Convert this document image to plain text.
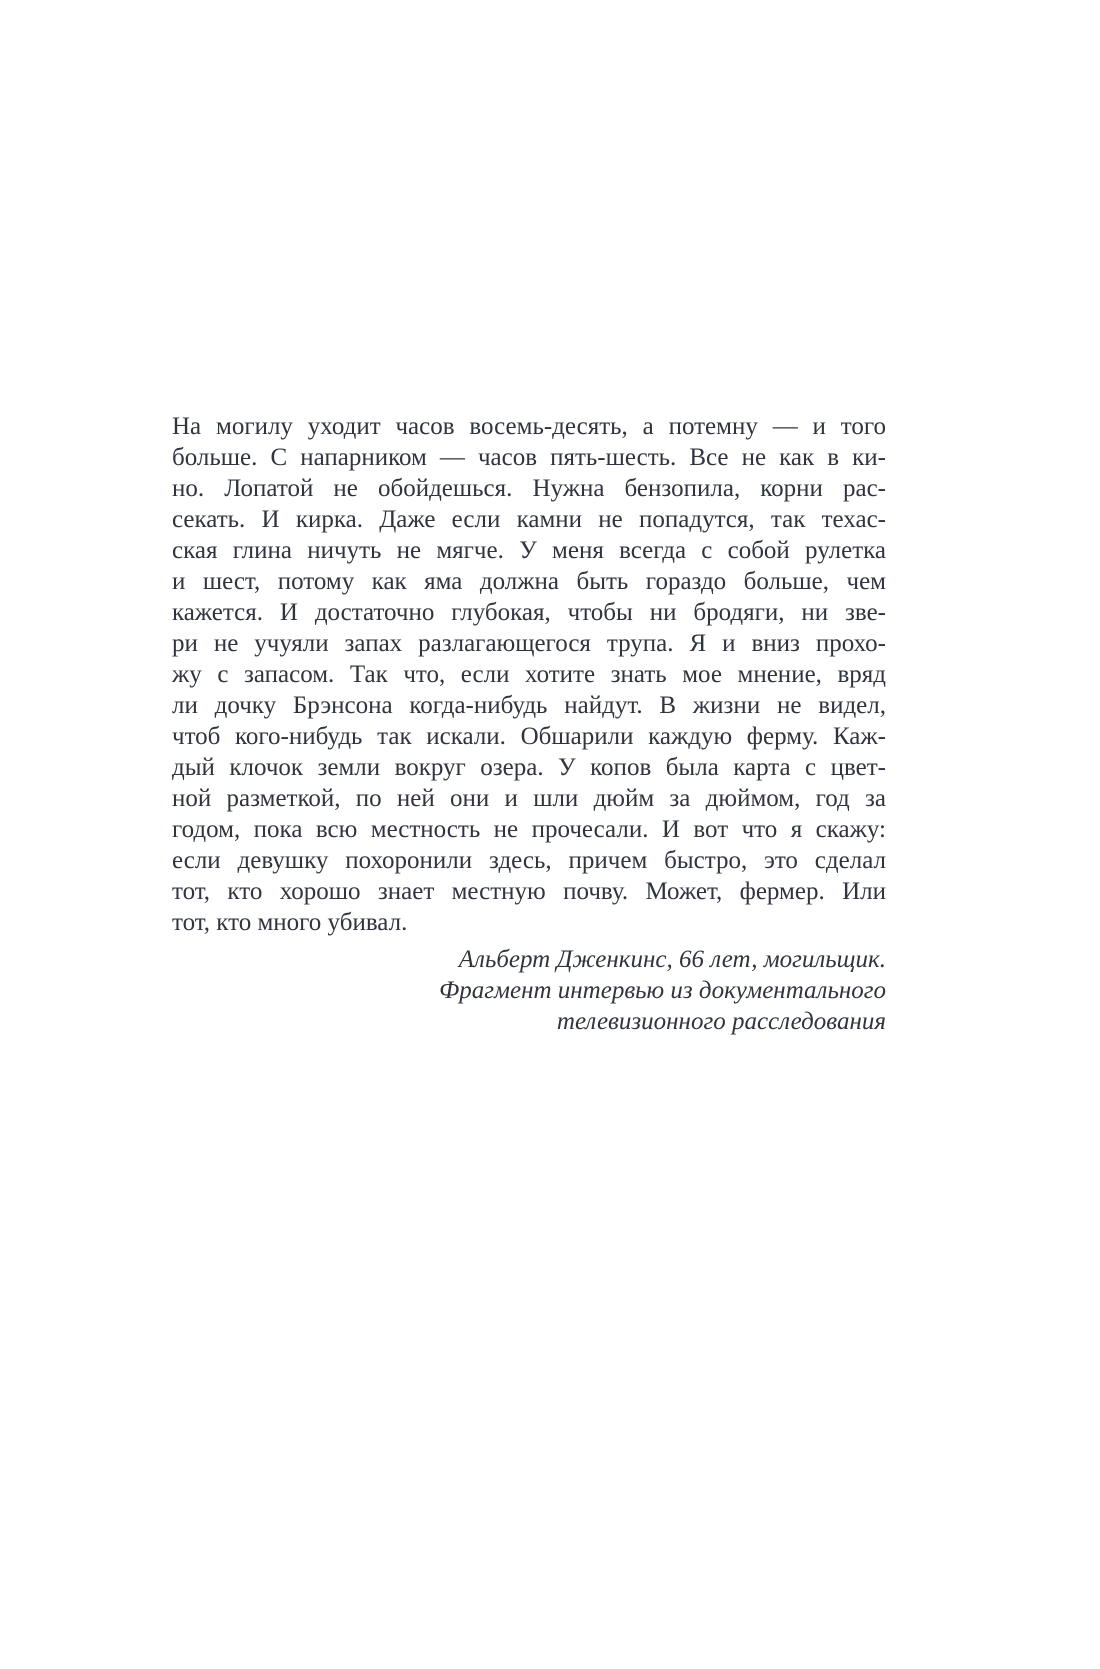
На могилу уходит часов восемь-десять, а потемну — и того
больше. С напарником — часов пять-шесть. Все не как в ки-
но. Лопатой не обойдешься. Нужна бензопила, корни рас-
секать. И кирка. Даже если камни не попадутся, так техас-
ская глина ничуть не мягче. У меня всегда с собой рулетка
и шест, потому как яма должна быть гораздо больше, чем
кажется. И достаточно глубокая, чтобы ни бродяги, ни зве-
ри не учуяли запах разлагающегося трупа. Я и вниз прохо-
жу с запасом. Так что, если хотите знать мое мнение, вряд
ли дочку Брэнсона когда-нибудь найдут. В жизни не видел,
чтоб кого-нибудь так искали. Обшарили каждую ферму. Каж-
дый клочок земли вокруг озера. У копов была карта с цвет-
ной разметкой, по ней они и шли дюйм за дюймом, год за
годом, пока всю местность не прочесали. И вот что я скажу:
если девушку похоронили здесь, причем быстро, это сделал
тот, кто хорошо знает местную почву. Может, фермер. Или
тот, кто много убивал.
Альберт Дженкинс, 66 лет, могильщик.
Фрагмент интервью из документального
телевизионного расследования
